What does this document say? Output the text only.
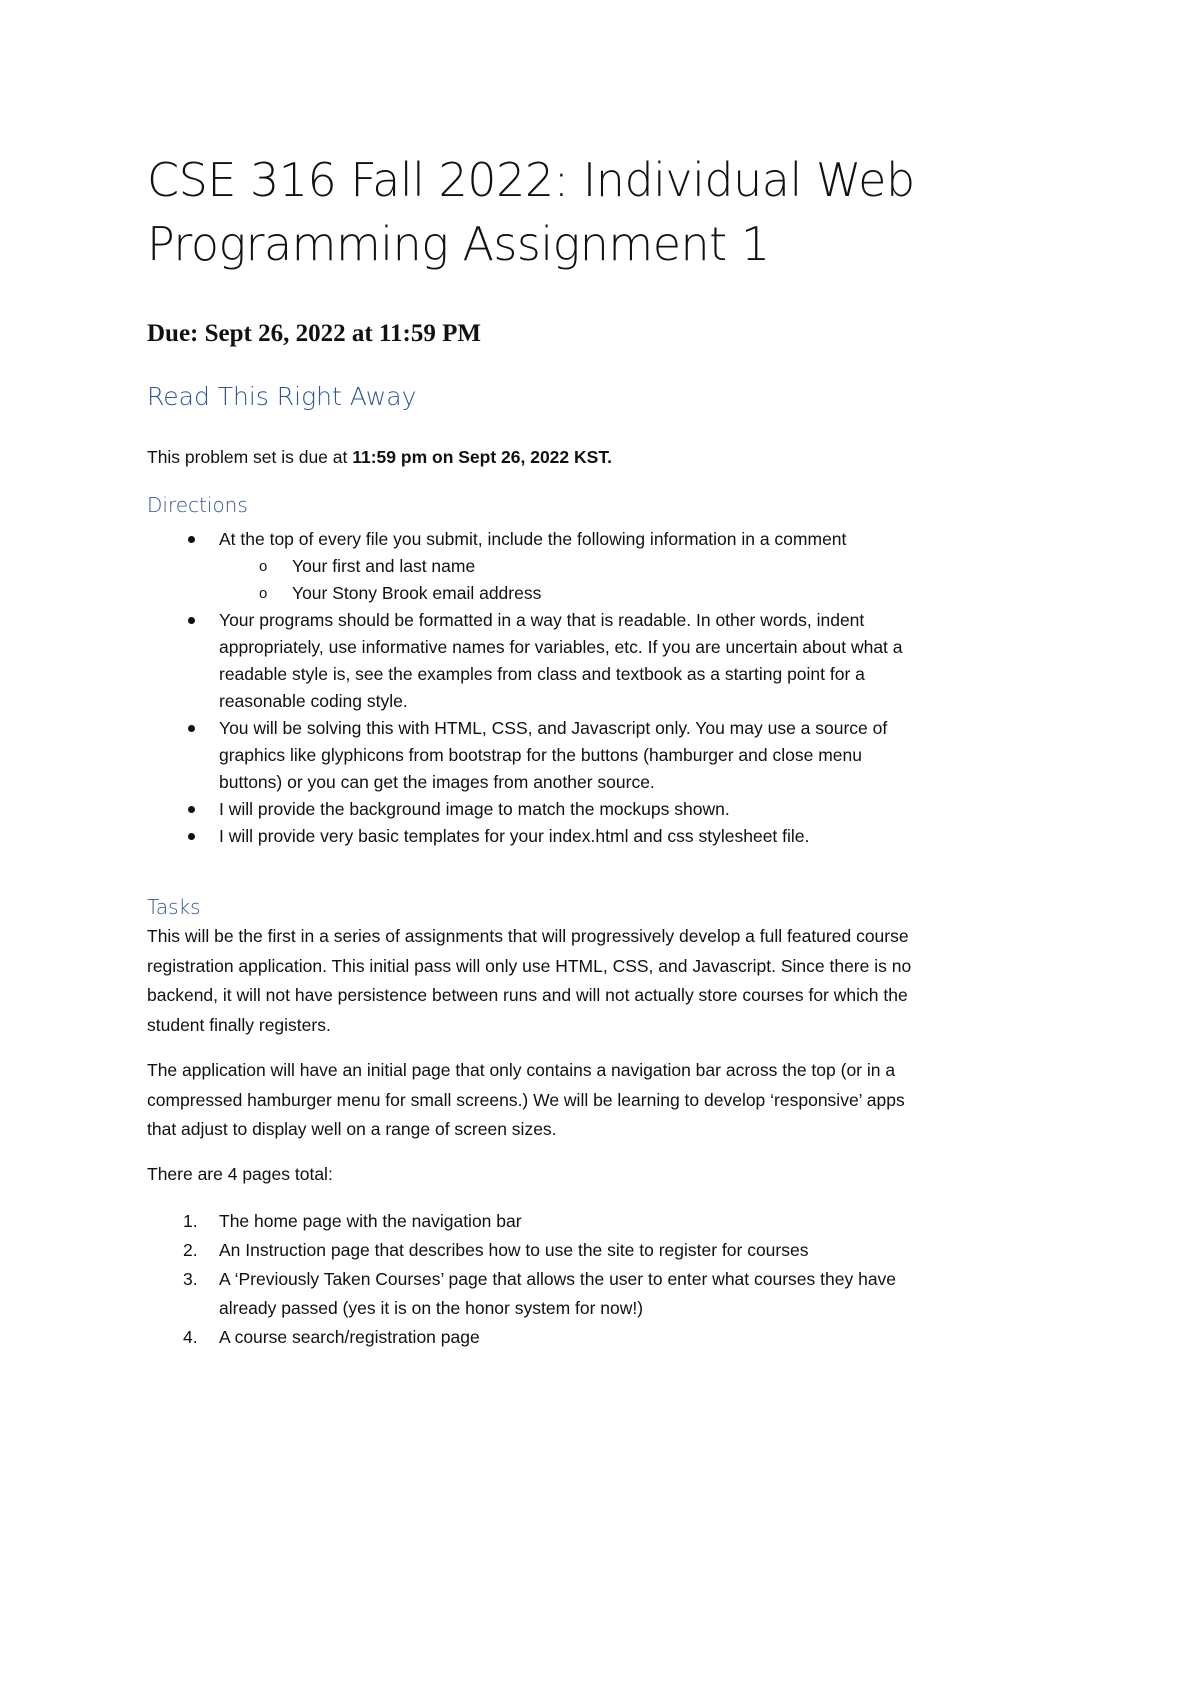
CSE 316 Fall 2022: Individual Web
Programming Assignment 1

Due: Sept 26, 2022 at 11:59 PM

Read This Right Away

This problem set is due at 11:59 pm on Sept 26, 2022 KST.

Directions
At the top of every file you submit, include the following information in a comment
o Your first and last name
o Your Stony Brook email address
Your programs should be formatted in a way that is readable. In other words, indent
appropriately, use informative names for variables, etc. If you are uncertain about what a
readable style is, see the examples from class and textbook as a starting point for a
reasonable coding style.
You will be solving this with HTML, CSS, and Javascript only. You may use a source of
graphics like glyphicons from bootstrap for the buttons (hamburger and close menu
buttons) or you can get the images from another source.
I will provide the background image to match the mockups shown.
I will provide very basic templates for your index.html and css stylesheet file.
Tasks

This will be the first in a series of assignments that will progressively develop a full featured course
registration application. This initial pass will only use HTML, CSS, and Javascript. Since there is no
backend, it will not have persistence between runs and will not actually store courses for which the
student finally registers.

The application will have an initial page that only contains a navigation bar across the top (or in a
compressed hamburger menu for small screens.) We will be learning to develop ‘responsive’ apps
that adjust to display well on a range of screen sizes.

There are 4 pages total:

1. The home page with the navigation bar
2. An Instruction page that describes how to use the site to register for courses
3. A ‘Previously Taken Courses’ page that allows the user to enter what courses they have
already passed (yes it is on the honor system for now!)
4. A course search/registration page
